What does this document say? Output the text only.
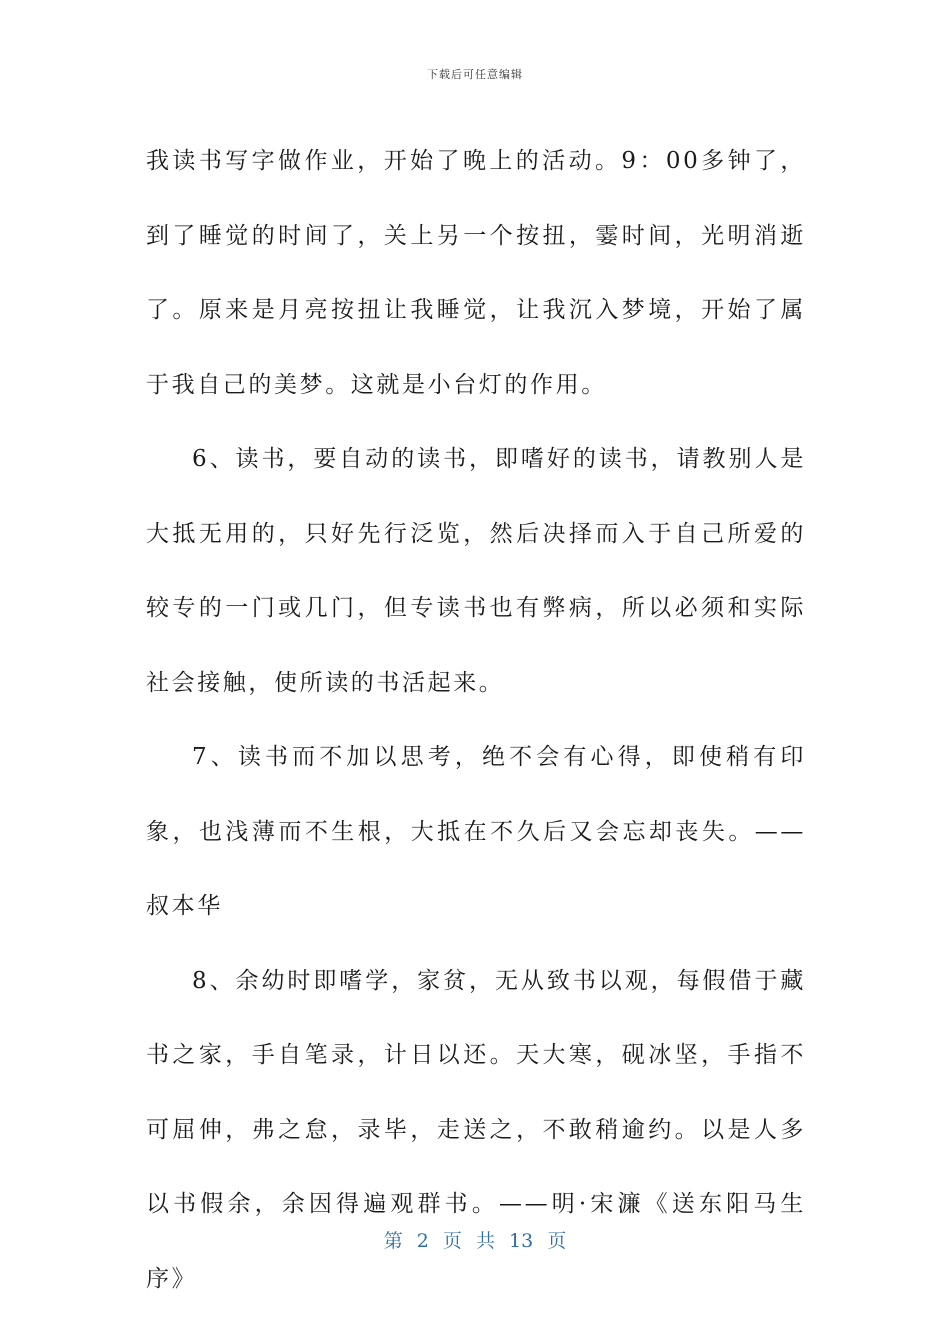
下载后可任意编辑

我读书写字做作业，开始了晚上的活动。9：00多钟了，到了睡觉的时间了，关上另一个按扭，霎时间，光明消逝了。原来是月亮按扭让我睡觉，让我沉入梦境，开始了属于我自己的美梦。这就是小台灯的作用。

6、读书，要自动的读书，即嗜好的读书，请教别人是大抵无用的，只好先行泛览，然后决择而入于自己所爱的较专的一门或几门，但专读书也有弊病，所以必须和实际社会接触，使所读的书活起来。

7、读书而不加以思考，绝不会有心得，即使稍有印象，也浅薄而不生根，大抵在不久后又会忘却丧失。——叔本华

8、余幼时即嗜学，家贫，无从致书以观，每假借于藏书之家，手自笔录，计日以还。天大寒，砚冰坚，手指不可屈伸，弗之怠，录毕，走送之，不敢稍逾约。以是人多以书假余，余因得遍观群书。——明·宋濂《送东阳马生序》

第 2 页 共 13 页
